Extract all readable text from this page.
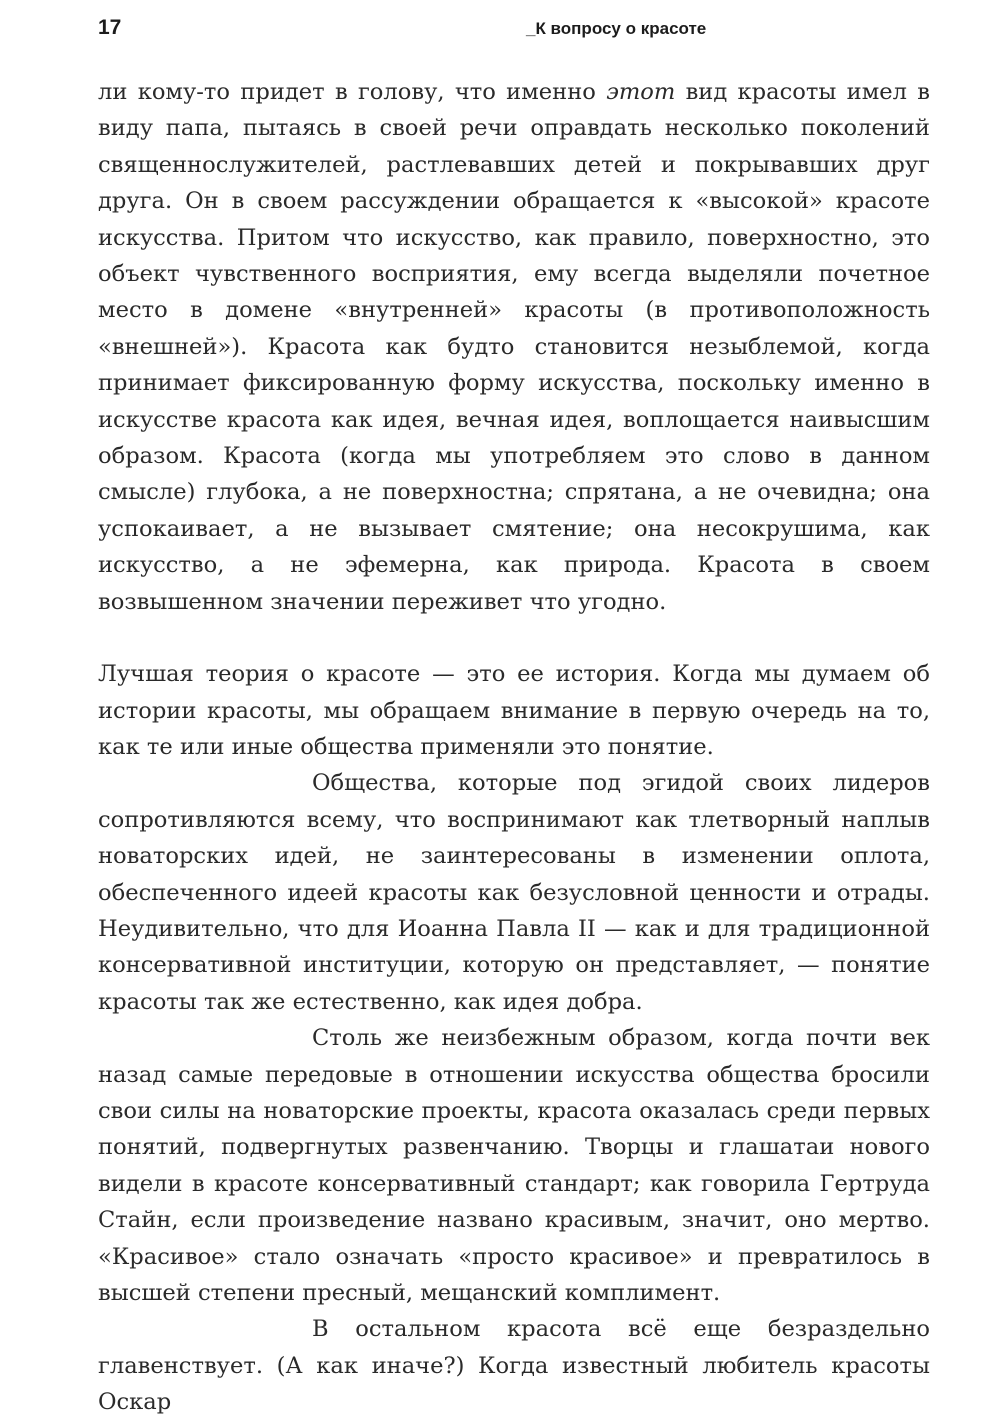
17	_К вопросу о красоте

ли кому-то придет в голову, что именно этот вид красоты имел в виду папа, пытаясь в своей речи оправдать несколько поколений священнослужителей, растлевавших детей и покрывавших друг друга. Он в своем рассуждении обращается к «высокой» красоте искусства. Притом что искусство, как правило, поверхностно, это объект чувственного восприятия, ему всегда выделяли почетное место в домене «внутренней» красоты (в противоположность «внешней»). Красота как будто становится незыблемой, когда принимает фиксированную форму искусства, поскольку именно в искусстве красота как идея, вечная идея, воплощается наивысшим образом. Красота (когда мы употребляем это слово в данном смысле) глубока, а не поверхностна; спрятана, а не очевидна; она успокаивает, а не вызывает смятение; она несокрушима, как искусство, а не эфемерна, как природа. Красота в своем возвышенном значении переживет что угодно.

Лучшая теория о красоте — это ее история. Когда мы думаем об истории красоты, мы обращаем внимание в первую очередь на то, как те или иные общества применяли это понятие.

Общества, которые под эгидой своих лидеров сопротивляются всему, что воспринимают как тлетворный наплыв новаторских идей, не заинтересованы в изменении оплота, обеспеченного идеей красоты как безусловной ценности и отрады. Неудивительно, что для Иоанна Павла II — как и для традиционной консервативной институции, которую он представляет, — понятие красоты так же естественно, как идея добра.

Столь же неизбежным образом, когда почти век назад самые передовые в отношении искусства общества бросили свои силы на новаторские проекты, красота оказалась среди первых понятий, подвергнутых развенчанию. Творцы и глашатаи нового видели в красоте консервативный стандарт; как говорила Гертруда Стайн, если произведение названо красивым, значит, оно мертво. «Красивое» стало означать «просто красивое» и превратилось в высшей степени пресный, мещанский комплимент.

В остальном красота всё еще безраздельно главенствует. (А как иначе?) Когда известный любитель красоты Оскар
